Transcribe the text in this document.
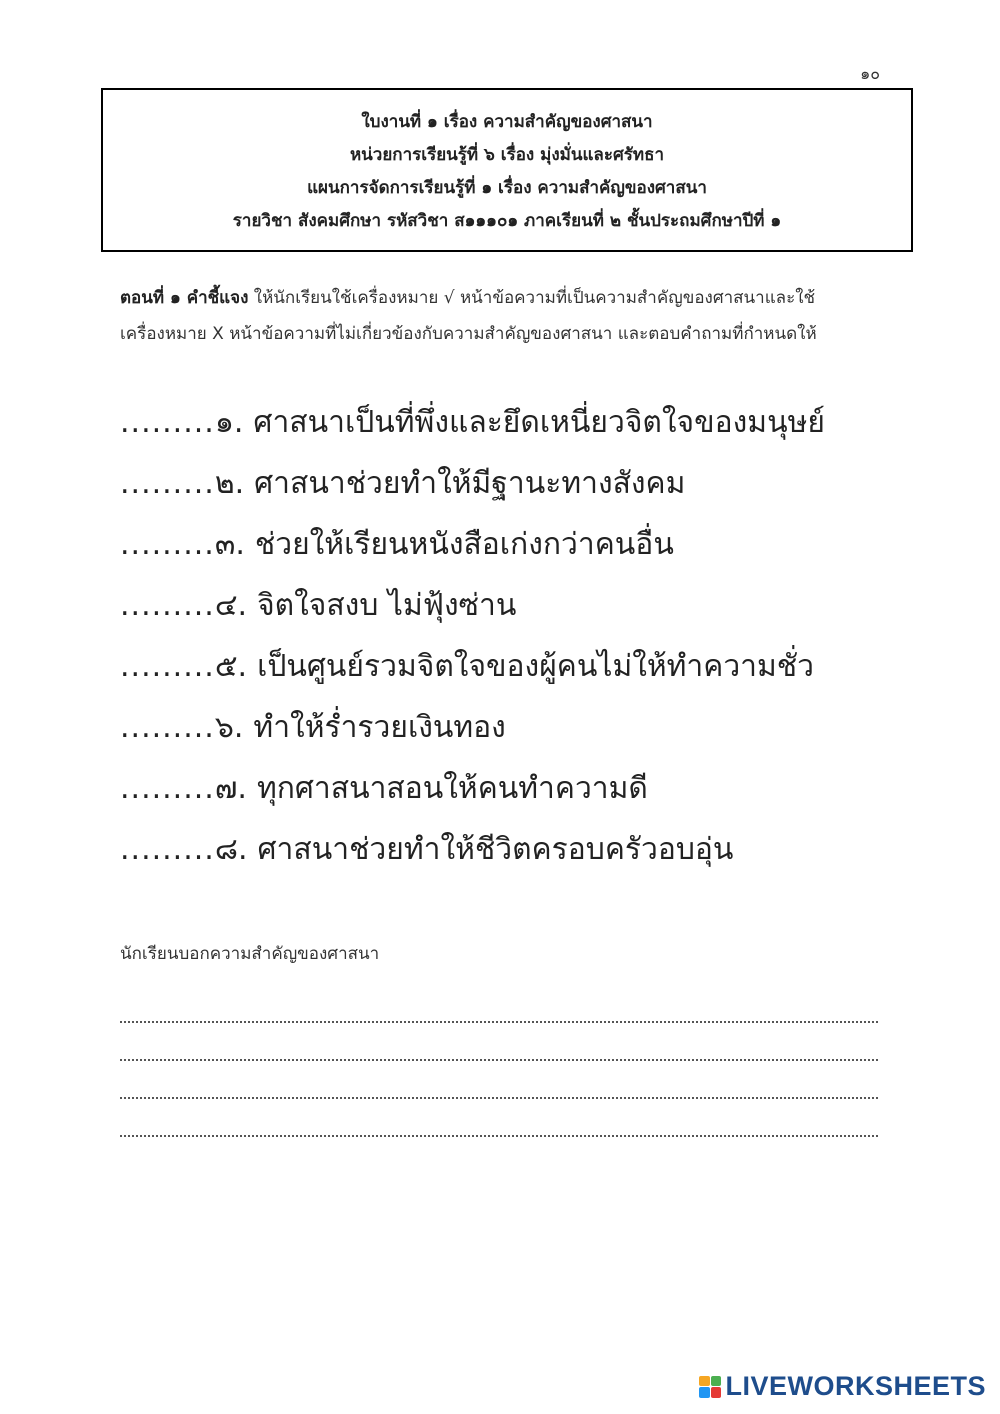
๑๐
ใบงานที่ ๑ เรื่อง ความสำคัญของศาสนา
หน่วยการเรียนรู้ที่ ๖ เรื่อง มุ่งมั่นและศรัทธา
แผนการจัดการเรียนรู้ที่ ๑ เรื่อง ความสำคัญของศาสนา
รายวิชา สังคมศึกษา รหัสวิชา ส๑๑๑๐๑ ภาคเรียนที่ ๒ ชั้นประถมศึกษาปีที่ ๑
ตอนที่ ๑ คำชี้แจง ให้นักเรียนใช้เครื่องหมาย √ หน้าข้อความที่เป็นความสำคัญของศาสนาและใช้เครื่องหมาย X หน้าข้อความที่ไม่เกี่ยวข้องกับความสำคัญของศาสนา และตอบคำถามที่กำหนดให้
......... ๑. ศาสนาเป็นที่พึ่งและยึดเหนี่ยวจิตใจของมนุษย์
......... ๒. ศาสนาช่วยทำให้มีฐานะทางสังคม
......... ๓. ช่วยให้เรียนหนังสือเก่งกว่าคนอื่น
......... ๔. จิตใจสงบ ไม่ฟุ้งซ่าน
......... ๕. เป็นศูนย์รวมจิตใจของผู้คนไม่ให้ทำความชั่ว
......... ๖. ทำให้ร่ำรวยเงินทอง
......... ๗. ทุกศาสนาสอนให้คนทำความดี
......... ๘. ศาสนาช่วยทำให้ชีวิตครอบครัวอบอุ่น
นักเรียนบอกความสำคัญของศาสนา
LIVEWORKSHEETS
